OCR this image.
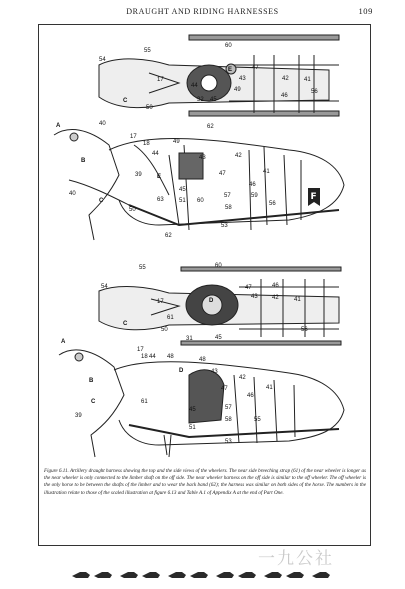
DRAUGHT AND RIDING HARNESSES	109
55
54
60
17
44
32 45
E	47
43	42	41
49
46
56
62
C
50
A	40
B
40
C
17
18
44
49
43	42
41
47
E
39
46
45
57	59
56
50
63	51 60
58
53
62
55
54
60
17	D
47	46
43 42	41
C
61
31
50
45
56
A
B
C
39
17
18 44 48	48
D	43
42
41
61
45
47
46
55
57
58
53
51
F
Figure 6.11. Artillery draught harness showing the top and the side views of the wheelers. The near side breeching strap (61) of the near wheeler is longer as the near wheeler is only connected to the limber shaft on the off side. The near wheeler harness on the off side is similar to the off wheeler. The off wheeler is the only horse to be between the shafts of the limber and to wear the back band (62); the harness was similar on both sides of the horse. The numbers in the illustration relate to those of the scaled illustration at figure 6.13 and Table A.1 of Appendix A at the end of Part One.
一九公社
